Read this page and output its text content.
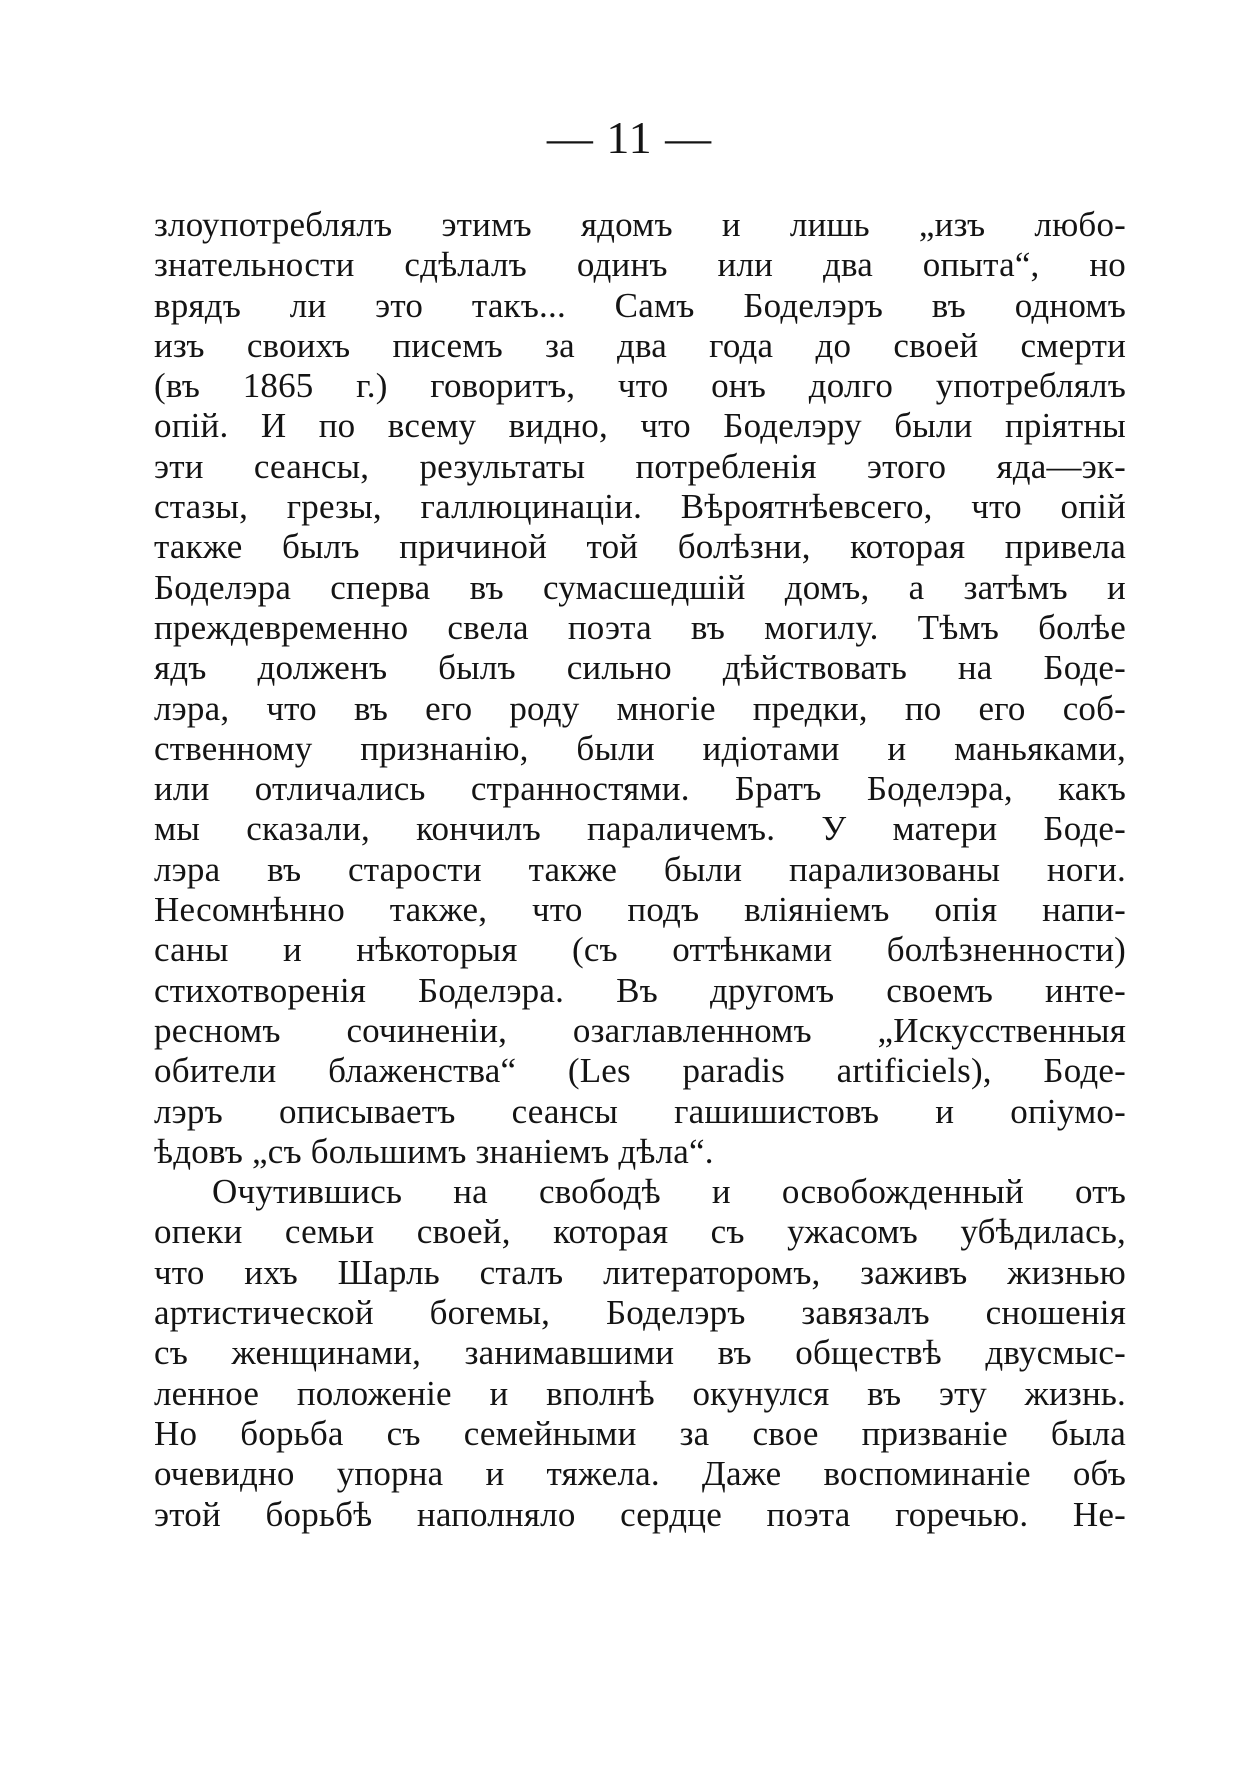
— 11 —
злоупотреблялъ этимъ ядомъ и лишь „изъ любо-
знательности сдѣлалъ одинъ или два опыта“, но
врядъ ли это такъ... Самъ Боделэръ въ одномъ
изъ своихъ писемъ за два года до своей смерти
(въ 1865 г.) говоритъ, что онъ долго употреблялъ
опій. И по всему видно, что Боделэру были пріятны
эти сеансы, результаты потребленія этого яда—эк-
стазы, грезы, галлюцинаціи. Вѣроятнѣевсего, что опій
также былъ причиной той болѣзни, которая привела
Боделэра сперва въ сумасшедшій домъ, а затѣмъ и
преждевременно свела поэта въ могилу. Тѣмъ болѣе
ядъ долженъ былъ сильно дѣйствовать на Боде-
лэра, что въ его роду многіе предки, по его соб-
ственному признанію, были идіотами и маньяками,
или отличались странностями. Братъ Боделэра, какъ
мы сказали, кончилъ параличемъ. У матери Боде-
лэра въ старости также были парализованы ноги.
Несомнѣнно также, что подъ вліяніемъ опія напи-
саны и нѣкоторыя (съ оттѣнками болѣзненности)
стихотворенія Боделэра. Въ другомъ своемъ инте-
ресномъ сочиненіи, озаглавленномъ „Искусственныя
обители блаженства“ (Les paradis artificiels), Боде-
лэръ описываетъ сеансы гашишистовъ и опіумо-
ѣдовъ „съ большимъ знаніемъ дѣла“.
Очутившись на свободѣ и освобожденный отъ
опеки семьи своей, которая съ ужасомъ убѣдилась,
что ихъ Шарль сталъ литераторомъ, заживъ жизнью
артистической богемы, Боделэръ завязалъ сношенія
съ женщинами, занимавшими въ обществѣ двусмыс-
ленное положеніе и вполнѣ окунулся въ эту жизнь.
Но борьба съ семейными за свое призваніе была
очевидно упорна и тяжела. Даже воспоминаніе объ
этой борьбѣ наполняло сердце поэта горечью. Не-
